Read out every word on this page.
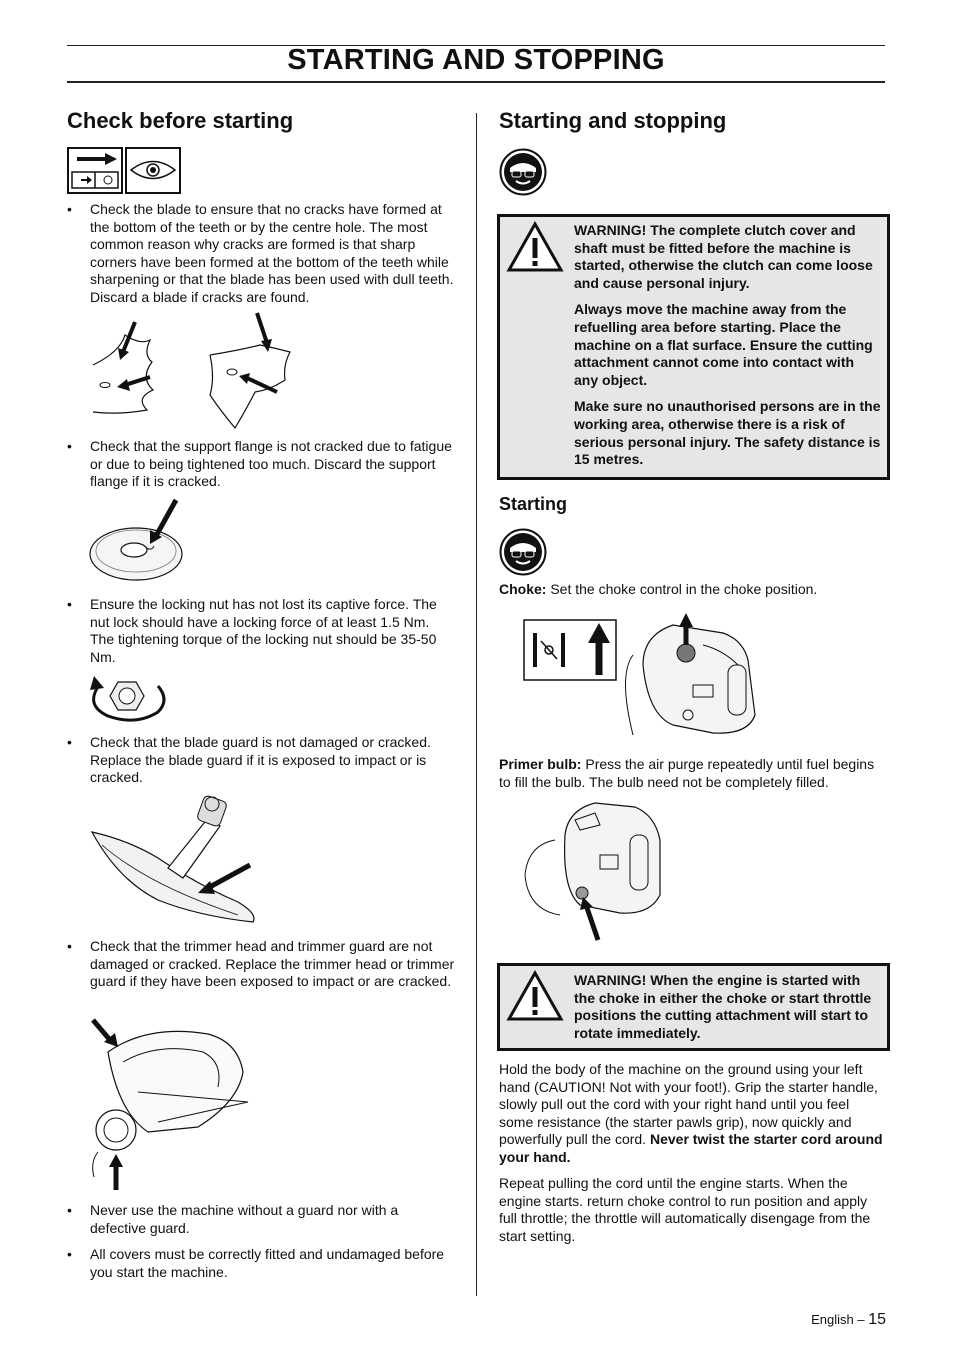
STARTING AND STOPPING
Check before starting
• Check the blade to ensure that no cracks have formed at the bottom of the teeth or by the centre hole. The most common reason why cracks are formed is that sharp corners have been formed at the bottom of the teeth while sharpening or that the blade has been used with dull teeth. Discard a blade if cracks are found.
• Check that the support flange is not cracked due to fatigue or due to being tightened too much. Discard the support flange if it is cracked.
• Ensure the locking nut has not lost its captive force. The nut lock should have a locking force of at least 1.5 Nm. The tightening torque of the locking nut should be 35-50 Nm.
• Check that the blade guard is not damaged or cracked. Replace the blade guard if it is exposed to impact or is cracked.
• Check that the trimmer head and trimmer guard are not damaged or cracked. Replace the trimmer head or trimmer guard if they have been exposed to impact or are cracked.
• Never use the machine without a guard nor with a defective guard.
• All covers must be correctly fitted and undamaged before you start the machine.
Starting and stopping

WARNING! The complete clutch cover and shaft must be fitted before the machine is started, otherwise the clutch can come loose and cause personal injury.

Always move the machine away from the refuelling area before starting. Place the machine on a flat surface. Ensure the cutting attachment cannot come into contact with any object.

Make sure no unauthorised persons are in the working area, otherwise there is a risk of serious personal injury. The safety distance is 15 metres.

Starting
Choke: Set the choke control in the choke position.
Primer bulb: Press the air purge repeatedly until fuel begins to fill the bulb. The bulb need not be completely filled.

WARNING! When the engine is started with the choke in either the choke or start throttle positions the cutting attachment will start to rotate immediately.

Hold the body of the machine on the ground using your left hand (CAUTION! Not with your foot!). Grip the starter handle, slowly pull out the cord with your right hand until you feel some resistance (the starter pawls grip), now quickly and powerfully pull the cord. Never twist the starter cord around your hand.
Repeat pulling the cord until the engine starts. When the engine starts. return choke control to run position and apply full throttle; the throttle will automatically disengage from the start setting.
English – 15
